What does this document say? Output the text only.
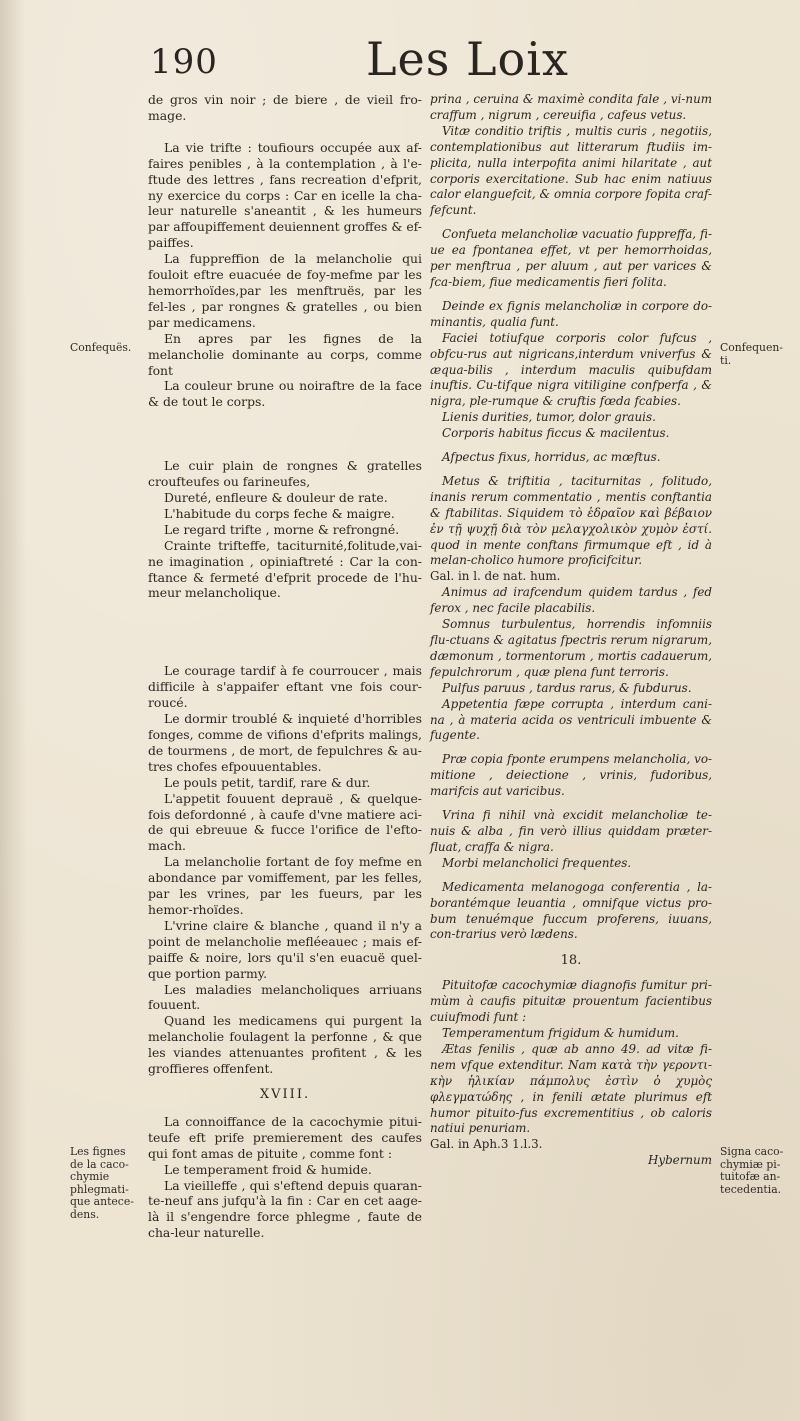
190	Les Loix
Confequës.
Les fignes de la caco-chymie phlegmati-que antece-dens.
Confequen-ti.
Signa caco-chymiæ pi-tuitofæ an-tecedentia.

de gros vin noir ; de biere , de vieil fro-mage.

La vie trifte : toufiours occupée aux af-faires penibles , à la contemplation , à l'e-ftude des lettres , fans recreation d'efprit, ny exercice du corps : Car en icelle la cha-leur naturelle s'aneantit , & les humeurs par affoupiffement deuiennent groffes & ef-paiffes.

La fuppreffion de la melancholie qui fouloit eftre euacuée de foy-mefme par les hemorrhoïdes,par les menftruës, par les fel-les , par rongnes & gratelles , ou bien par medicamens.

En apres par les fignes de la melancholie dominante au corps, comme font

La couleur brune ou noiraftre de la face & de tout le corps.

Le cuir plain de rongnes & gratelles croufteufes ou farineufes,

Dureté, enfleure & douleur de rate.

L'habitude du corps feche & maigre.

Le regard trifte , morne & refrongné.

Crainte trifteffe, taciturnité,folitude,vai-ne imagination , opiniaftreté : Car la con-ftance & fermeté d'efprit procede de l'hu-meur melancholique.

Le courage tardif à fe courroucer , mais difficile à s'appaifer eftant vne fois cour-roucé.

Le dormir troublé & inquieté d'horribles fonges, comme de vifions d'efprits malings, de tourmens , de mort, de fepulchres & au-tres chofes efpouuentables.

Le pouls petit, tardif, rare & dur.

L'appetit fouuent deprauë , & quelque-fois defordonné , à caufe d'vne matiere aci-de qui ebreuue & fucce l'orifice de l'efto-mach.

La melancholie fortant de foy mefme en abondance par vomiffement, par les felles, par les vrines, par les fueurs, par les hemor-rhoïdes.

L'vrine claire & blanche , quand il n'y a point de melancholie mefléeauec ; mais ef-paiffe & noire, lors qu'il s'en euacuë quel-que portion parmy.

Les maladies melancholiques arriuans fouuent.

Quand les medicamens qui purgent la melancholie foulagent la perfonne , & que les viandes attenuantes profitent , & les groffieres offenfent.

XVIII.

La connoiffance de la cacochymie pitui-teufe eft prife premierement des caufes qui font amas de pituite , comme font :

Le temperament froid & humide.

La vieilleffe , qui s'eftend depuis quaran-te-neuf ans jufqu'à la fin : Car en cet aage-là il s'engendre force phlegme , faute de cha-leur naturelle.

prina , ceruina & maximè condita fale , vi-num craffum , nigrum , cereuifia , cafeus vetus.

Vitæ conditio triftis , multis curis , negotiis, contemplationibus aut litterarum ftudiis im-plicita, nulla interpofita animi hilaritate , aut corporis exercitatione. Sub hac enim natiuus calor elanguefcit, & omnia corpore fopita craf-fefcunt.

Confueta melancholiæ vacuatio fuppreffa, fi-ue ea fpontanea effet, vt per hemorrhoidas, per menftrua , per aluum , aut per varices & fca-biem, fiue medicamentis fieri folita.

Deinde ex fignis melancholiæ in corpore do-minantis, qualia funt.

Faciei totiufque corporis color fufcus , obfcu-rus aut nigricans,interdum vniverfus & æqua-bilis , interdum maculis quibufdam inuftis. Cu-tifque nigra vitiligine confperfa , & nigra, ple-rumque & cruftis fœda fcabies.

Lienis durities, tumor, dolor grauis.

Corporis habitus ficcus & macilentus.

Afpectus fixus, horridus, ac mœftus.

Metus & triftitia , taciturnitas , folitudo, inanis rerum commentatio , mentis conftantia & ftabilitas. Siquidem τὸ ἑδραῖον καὶ βέβαιον ἐν τῇ ψυχῇ διὰ τὸν μελαγχολικὸν χυμὸν ἐστί. quod in mente conftans firmumque eft , id à melan-cholico humore proficifcitur.

Gal. in l. de nat. hum.

Animus ad irafcendum quidem tardus , fed ferox , nec facile placabilis.

Somnus turbulentus, horrendis infomniis flu-ctuans & agitatus fpectris rerum nigrarum, dæmonum , tormentorum , mortis cadauerum, fepulchrorum , quæ plena funt terroris.

Pulfus paruus , tardus rarus, & fubdurus.

Appetentia fæpe corrupta , interdum cani-na , à materia acida os ventriculi imbuente & fugente.

Præ copia fponte erumpens melancholia, vo-mitione , deiectione , vrinis, fudoribus, marifcis aut varicibus.

Vrina fi nihil vnà excidit melancholiæ te-nuis & alba , fin verò illius quiddam præter-fluat, craffa & nigra.

Morbi melancholici frequentes.

Medicamenta melanogoga conferentia , la-borantémque leuantia , omnifque victus pro-bum tenuémque fuccum proferens, iuuans, con-trarius verò lædens.

18.

Pituitofæ cacochymiæ diagnofis fumitur pri-mùm à caufis pituitæ prouentum facientibus cuiufmodi funt :

Temperamentum frigidum & humidum.

Ætas fenilis , quæ ab anno 49. ad vitæ fi-nem vfque extenditur. Nam κατὰ τὴν γεροντι-κὴν ἡλικίαν πάμπολυς ἐστὶν ὁ χυμὸς φλεγματώδης , in fenili ætate plurimus eft humor pituito-fus excrementitius , ob caloris natiui penuriam.

Gal. in Aph.3 1.l.3.

Hybernum
